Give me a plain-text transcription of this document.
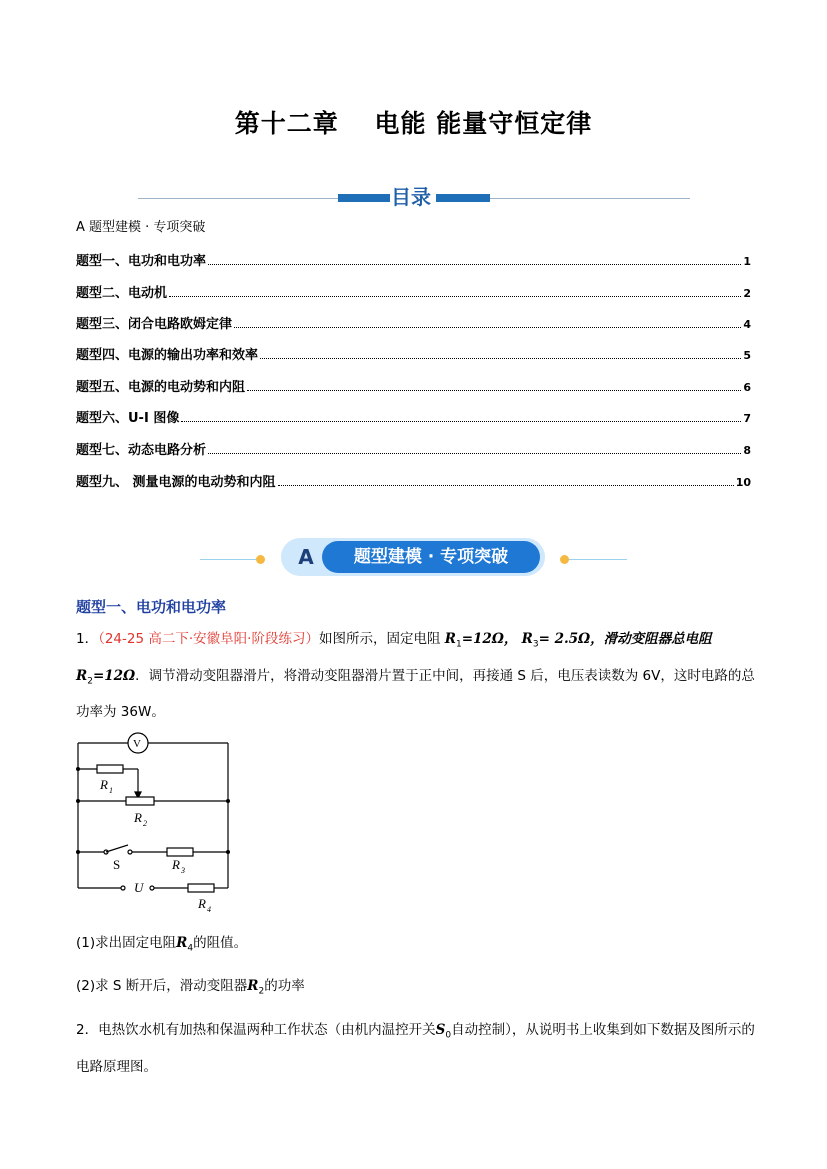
第十二章　 电能 能量守恒定律
目录
A 题型建模 · 专项突破
题型一、电功和电功率	1
题型二、电动机	2
题型三、闭合电路欧姆定律	4
题型四、电源的输出功率和效率	5
题型五、电源的电动势和内阻	6
题型六、U-I 图像	7
题型七、动态电路分析	8
题型九、 测量电源的电动势和内阻	10
A	题型建模 · 专项突破
题型一、电功和电功率
1．（24-25 高二下·安徽阜阳·阶段练习）如图所示，固定电阻 $R_1=12\Omega$， $R_3= 2.5\Omega$，滑动变阻器总电阻
$R_2=12\Omega$．调节滑动变阻器滑片，将滑动变阻器滑片置于正中间，再接通 S 后，电压表读数为 6V，这时电路的总功率为 36W。
V
R 1
R 2
S	R 3
U
R 4
(1)求出固定电阻$R_4$的阻值。
(2)求 S 断开后，滑动变阻器$R_2$的功率
2．电热饮水机有加热和保温两种工作状态（由机内温控开关$S_0$自动控制），从说明书上收集到如下数据及图所示的电路原理图。
